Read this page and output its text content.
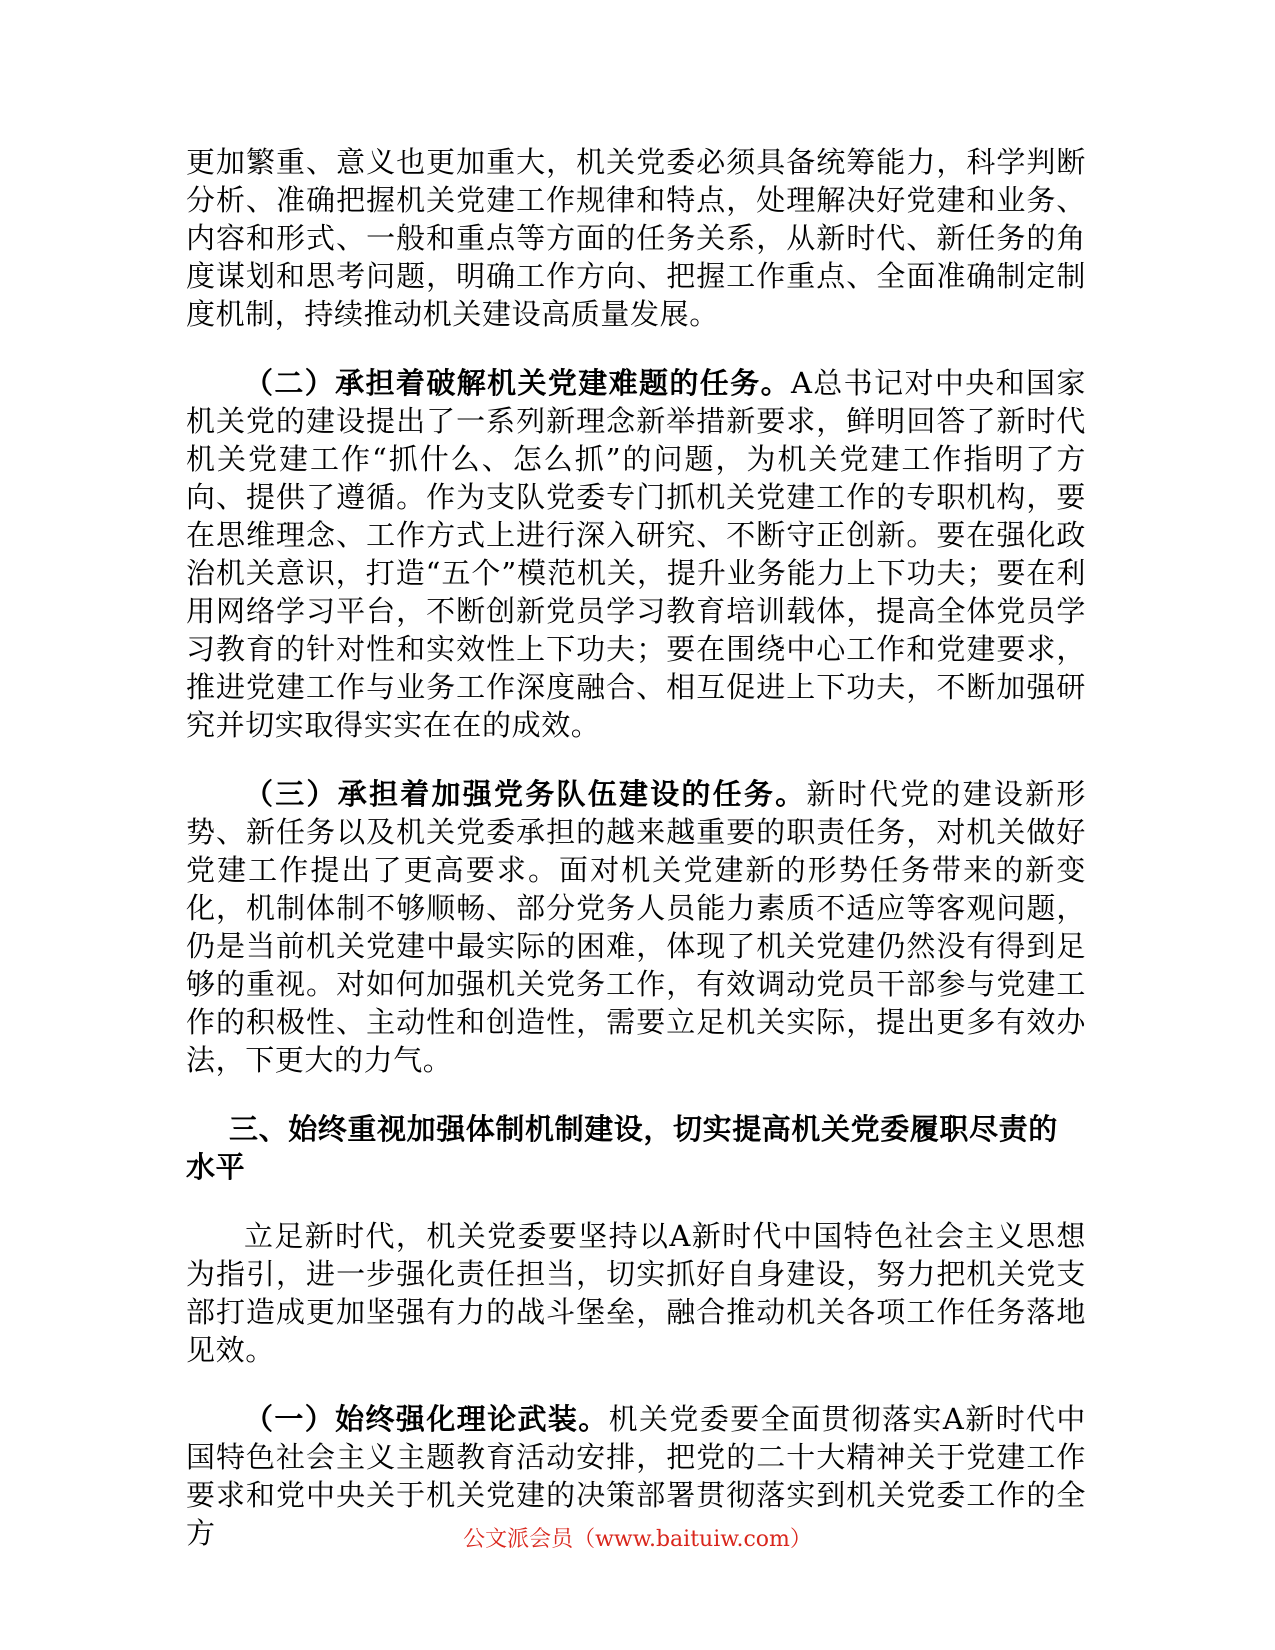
更加繁重、意义也更加重大，机关党委必须具备统筹能力，科学判断分析、准确把握机关党建工作规律和特点，处理解决好党建和业务、内容和形式、一般和重点等方面的任务关系，从新时代、新任务的角度谋划和思考问题，明确工作方向、把握工作重点、全面准确制定制度机制，持续推动机关建设高质量发展。

（二）承担着破解机关党建难题的任务。A总书记对中央和国家机关党的建设提出了一系列新理念新举措新要求，鲜明回答了新时代机关党建工作“抓什么、怎么抓”的问题，为机关党建工作指明了方向、提供了遵循。作为支队党委专门抓机关党建工作的专职机构，要在思维理念、工作方式上进行深入研究、不断守正创新。要在强化政治机关意识，打造“五个”模范机关，提升业务能力上下功夫；要在利用网络学习平台，不断创新党员学习教育培训载体，提高全体党员学习教育的针对性和实效性上下功夫；要在围绕中心工作和党建要求，推进党建工作与业务工作深度融合、相互促进上下功夫，不断加强研究并切实取得实实在在的成效。

（三）承担着加强党务队伍建设的任务。新时代党的建设新形势、新任务以及机关党委承担的越来越重要的职责任务，对机关做好党建工作提出了更高要求。面对机关党建新的形势任务带来的新变化，机制体制不够顺畅、部分党务人员能力素质不适应等客观问题，仍是当前机关党建中最实际的困难，体现了机关党建仍然没有得到足够的重视。对如何加强机关党务工作，有效调动党员干部参与党建工作的积极性、主动性和创造性，需要立足机关实际，提出更多有效办法，下更大的力气。

三、始终重视加强体制机制建设，切实提高机关党委履职尽责的水平

立足新时代，机关党委要坚持以A新时代中国特色社会主义思想为指引，进一步强化责任担当，切实抓好自身建设，努力把机关党支部打造成更加坚强有力的战斗堡垒，融合推动机关各项工作任务落地见效。

（一）始终强化理论武装。机关党委要全面贯彻落实A新时代中国特色社会主义主题教育活动安排，把党的二十大精神关于党建工作要求和党中央关于机关党建的决策部署贯彻落实到机关党委工作的全方	公文派会员（www.baituiw.com）
